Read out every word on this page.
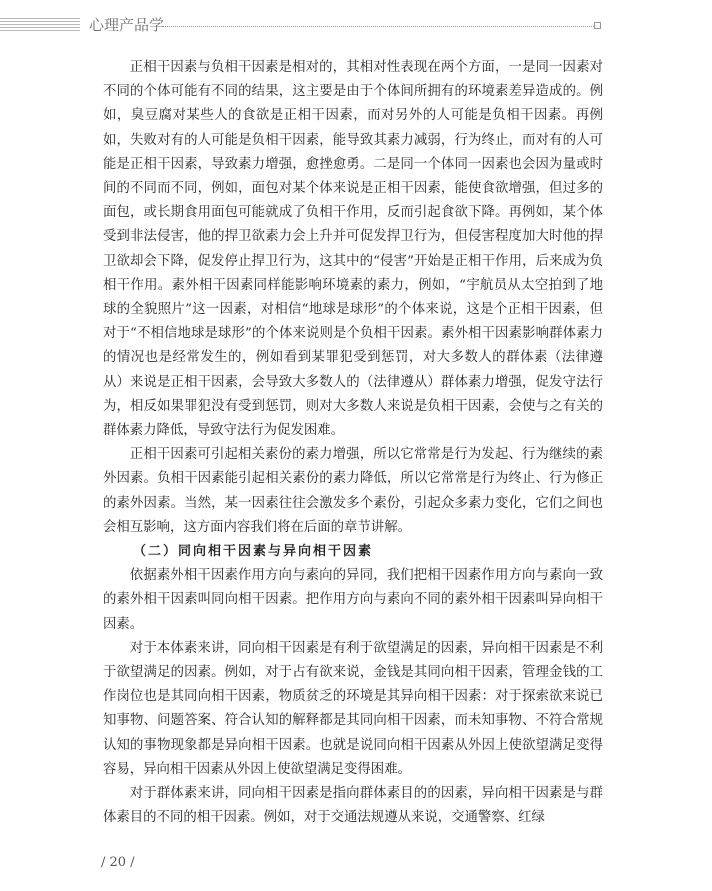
心理产品学

正相干因素与负相干因素是相对的，其相对性表现在两个方面，一是同一因素对不同的个体可能有不同的结果，这主要是由于个体间所拥有的环境素差异造成的。例如，臭豆腐对某些人的食欲是正相干因素，而对另外的人可能是负相干因素。再例如，失败对有的人可能是负相干因素，能导致其素力减弱，行为终止，而对有的人可能是正相干因素，导致素力增强，愈挫愈勇。二是同一个体同一因素也会因为量或时间的不同而不同，例如，面包对某个体来说是正相干因素，能使食欲增强，但过多的面包，或长期食用面包可能就成了负相干作用，反而引起食欲下降。再例如，某个体受到非法侵害，他的捍卫欲素力会上升并可促发捍卫行为，但侵害程度加大时他的捍卫欲却会下降，促发停止捍卫行为，这其中的“侵害”开始是正相干作用，后来成为负相干作用。素外相干因素同样能影响环境素的素力，例如，“宇航员从太空拍到了地球的全貌照片”这一因素，对相信“地球是球形”的个体来说，这是个正相干因素，但对于“不相信地球是球形”的个体来说则是个负相干因素。素外相干因素影响群体素力的情况也是经常发生的，例如看到某罪犯受到惩罚，对大多数人的群体素（法律遵从）来说是正相干因素，会导致大多数人的（法律遵从）群体素力增强，促发守法行为，相反如果罪犯没有受到惩罚，则对大多数人来说是负相干因素，会使与之有关的群体素力降低，导致守法行为促发困难。

正相干因素可引起相关素份的素力增强，所以它常常是行为发起、行为继续的素外因素。负相干因素能引起相关素份的素力降低，所以它常常是行为终止、行为修正的素外因素。当然，某一因素往往会激发多个素份，引起众多素力变化，它们之间也会相互影响，这方面内容我们将在后面的章节讲解。

（二）同向相干因素与异向相干因素

依据素外相干因素作用方向与素向的异同，我们把相干因素作用方向与素向一致的素外相干因素叫同向相干因素。把作用方向与素向不同的素外相干因素叫异向相干因素。

对于本体素来讲，同向相干因素是有利于欲望满足的因素，异向相干因素是不利于欲望满足的因素。例如，对于占有欲来说，金钱是其同向相干因素，管理金钱的工作岗位也是其同向相干因素，物质贫乏的环境是其异向相干因素：对于探索欲来说已知事物、问题答案、符合认知的解释都是其同向相干因素，而未知事物、不符合常规认知的事物现象都是异向相干因素。也就是说同向相干因素从外因上使欲望满足变得容易，异向相干因素从外因上使欲望满足变得困难。

对于群体素来讲，同向相干因素是指向群体素目的的因素，异向相干因素是与群体素目的不同的相干因素。例如，对于交通法规遵从来说，交通警察、红绿

/ 20 /
